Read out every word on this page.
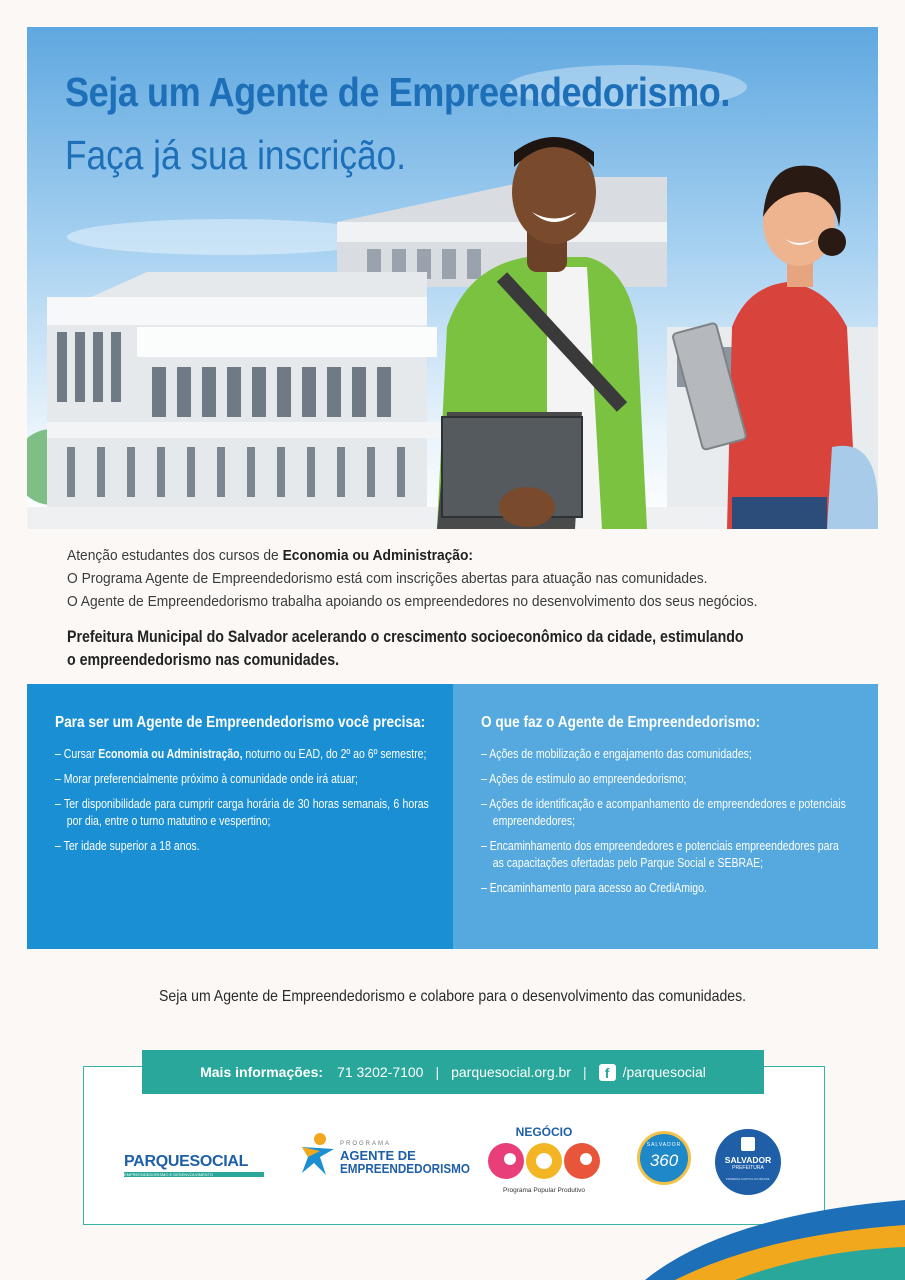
Seja um Agente de Empreendedorismo.
Faça já sua inscrição.

Atenção estudantes dos cursos de Economia ou Administração:

O Programa Agente de Empreendedorismo está com inscrições abertas para atuação nas comunidades.

O Agente de Empreendedorismo trabalha apoiando os empreendedores no desenvolvimento dos seus negócios.

Prefeitura Municipal do Salvador acelerando o crescimento socioeconômico da cidade, estimulando

o empreendedorismo nas comunidades.

Para ser um Agente de Empreendedorismo você precisa:
– Cursar Economia ou Administração, noturno ou EAD, do 2º ao 6º semestre;
– Morar preferencialmente próximo à comunidade onde irá atuar;
– Ter disponibilidade para cumprir carga horária de 30 horas semanais, 6 horas por dia, entre o turno matutino e vespertino;
– Ter idade superior a 18 anos.
O que faz o Agente de Empreendedorismo:
– Ações de mobilização e engajamento das comunidades;
– Ações de estímulo ao empreendedorismo;
– Ações de identificação e acompanhamento de empreendedores e potenciais empreendedores;
– Encaminhamento dos empreendedores e potenciais empreendedores para as capacitações ofertadas pelo Parque Social e SEBRAE;
– Encaminhamento para acesso ao CrediAmigo.
Seja um Agente de Empreendedorismo e colabore para o desenvolvimento das comunidades.
PARQUESOCIAL
EMPREENDEDORISMO E DESENVOLVIMENTO
PROGRAMA
AGENTE DE
EMPREENDEDORISMO
NEGÓCIO
Programa Popular Produtivo
SALVADOR
360	SALVADOR
PREFEITURA
PRIMEIRA CAPITAL DO BRASIL
Mais informações: 71 3202-7100 | parquesocial.org.br |	f /parquesocial
